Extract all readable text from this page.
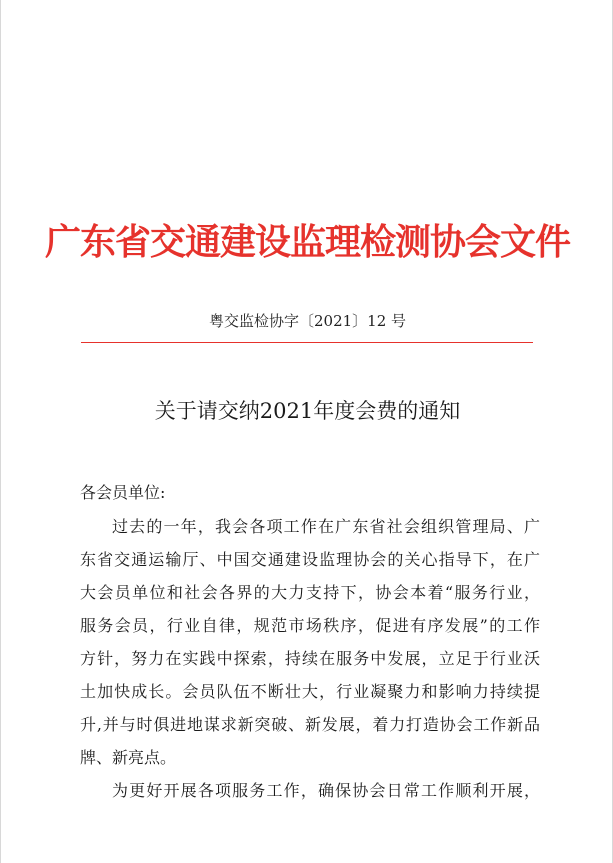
广东省交通建设监理检测协会文件
粤交监检协字〔2021〕12 号
关于请交纳2021年度会费的通知
各会员单位:
过去的一年，我会各项工作在广东省社会组织管理局、广
东省交通运输厅、中国交通建设监理协会的关心指导下，在广
大会员单位和社会各界的大力支持下，协会本着“服务行业，
服务会员，行业自律，规范市场秩序，促进有序发展”的工作
方针，努力在实践中探索，持续在服务中发展，立足于行业沃
土加快成长。会员队伍不断壮大，行业凝聚力和影响力持续提
升,并与时俱进地谋求新突破、新发展，着力打造协会工作新品
牌、新亮点。
为更好开展各项服务工作，确保协会日常工作顺利开展，
